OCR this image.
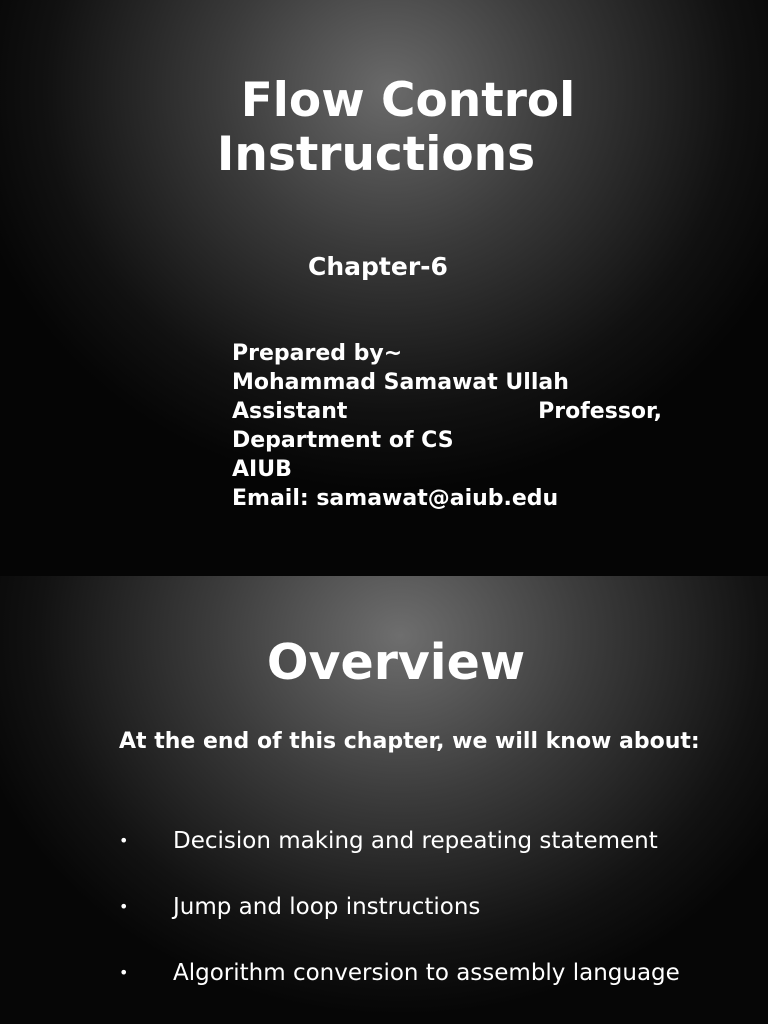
Flow Control
Instructions
Chapter-6
Prepared by~
Mohammad Samawat Ullah
Assistant	Professor,
Department of CS
AIUB
Email: samawat@aiub.edu
Overview

At the end of this chapter, we will know about:

• Decision making and repeating statement
• Jump and loop instructions
• Algorithm conversion to assembly language
